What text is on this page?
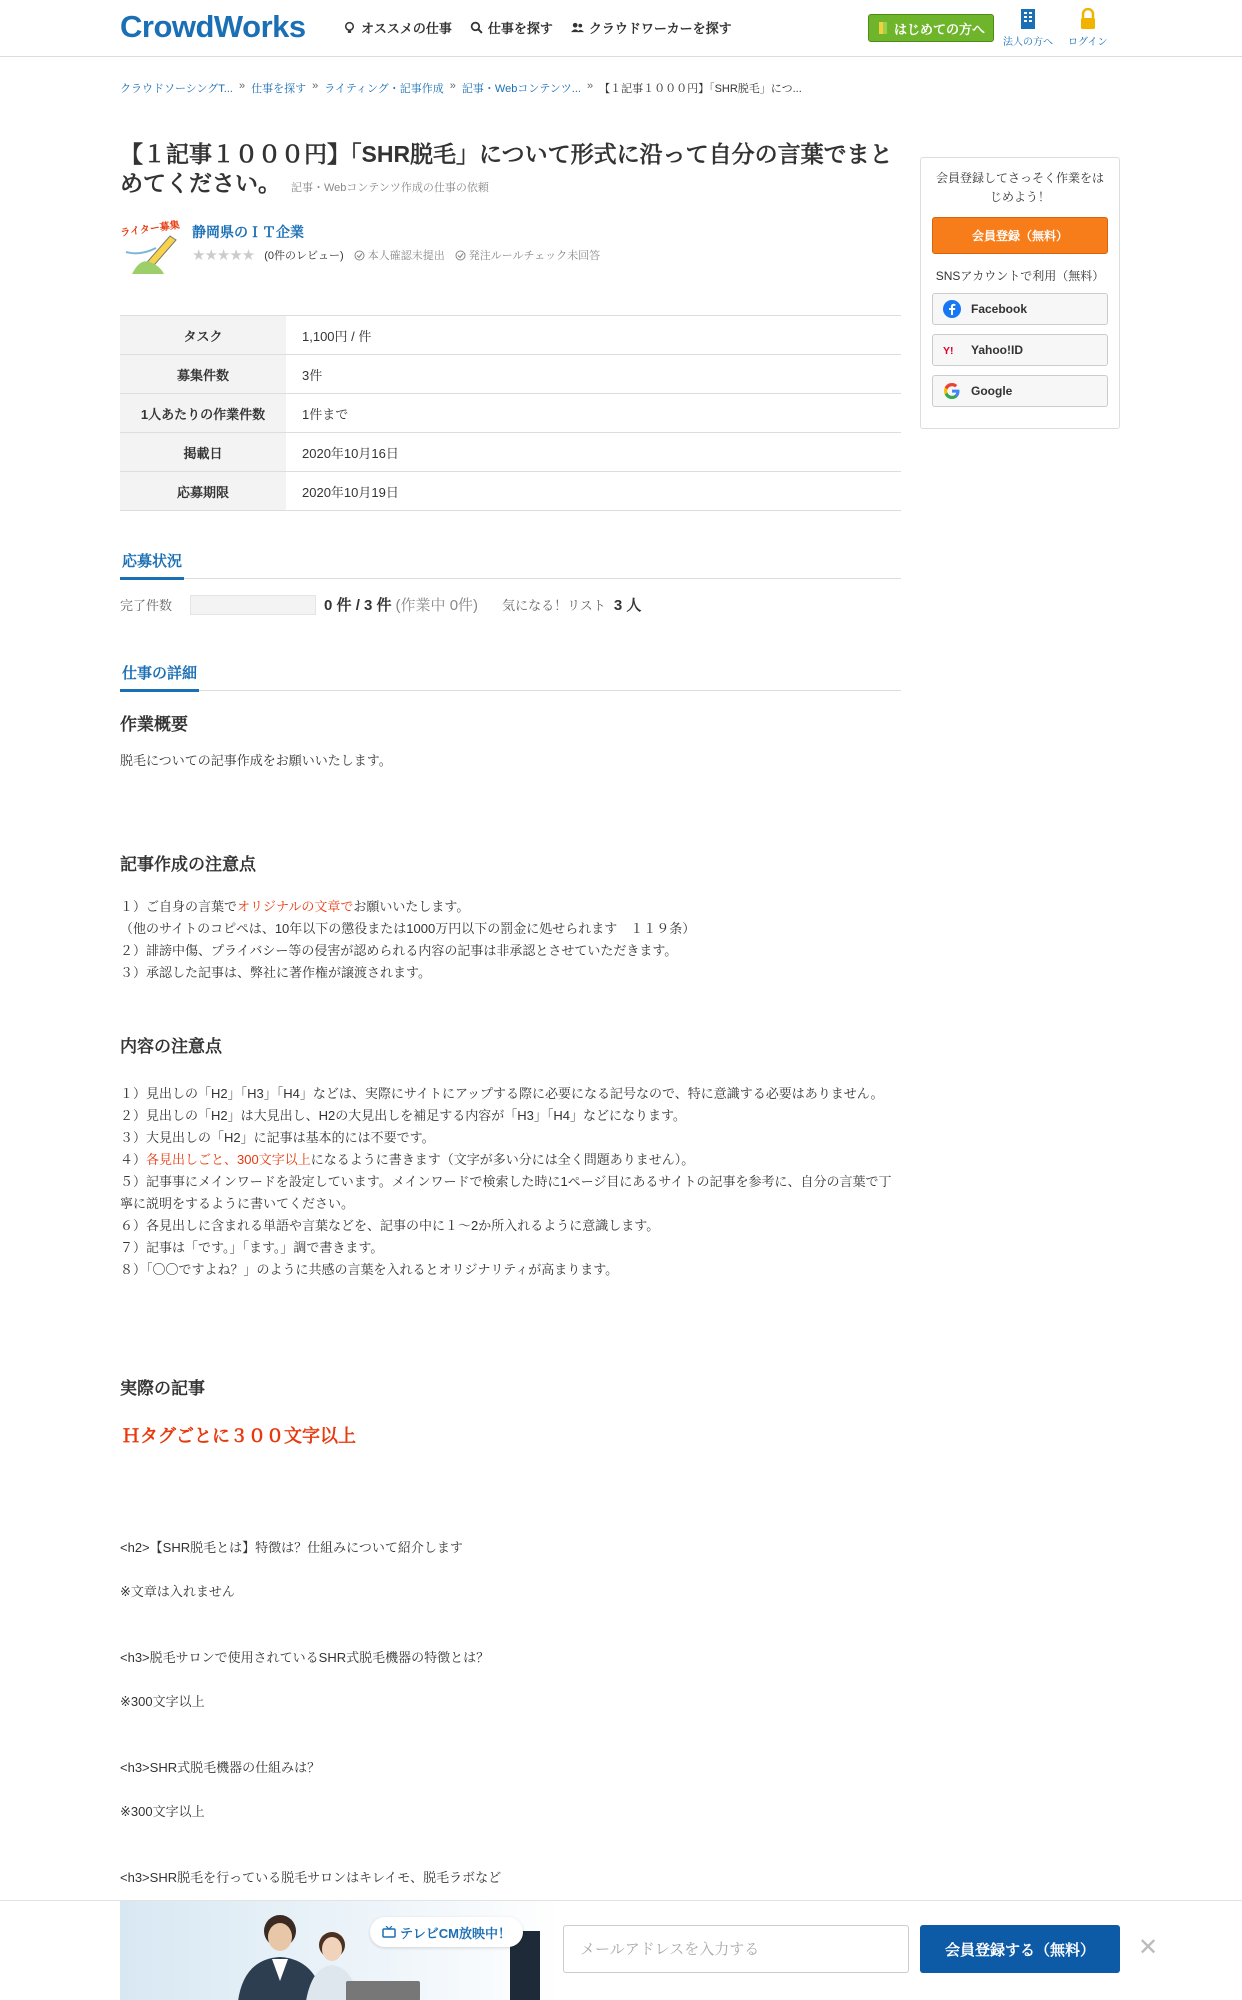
CrowdWorks	オススメの仕事	仕事を探す	クラウドワーカーを探す	はじめての方へ
法人の方へ ログイン
クラウドソーシングT... » 仕事を探す » ライティング・記事作成 » 記事・Webコンテンツ... » 【１記事１０００円】「SHR脱毛」につ...
【１記事１０００円】「SHR脱毛」について形式に沿って自分の言葉でまとめてください。 記事・Webコンテンツ作成の仕事の依頼
ライター募集 静岡県のＩＴ企業
★★★★★ (0件のレビュー) 本人確認未提出 発注ルールチェック未回答
タスク	1,100円 / 件
募集件数	3件
1人あたりの作業件数	1件まで
掲載日	2020年10月16日
応募期限	2020年10月19日
応募状況
完了件数	0 件 / 3 件 (作業中 0件) 気になる！リスト 3 人
仕事の詳細
作業概要
脱毛についての記事作成をお願いいたします。
記事作成の注意点
１）ご自身の言葉でオリジナルの文章でお願いいたします。
（他のサイトのコピペは、10年以下の懲役または1000万円以下の罰金に処せられます　１１９条）
２）誹謗中傷、プライバシー等の侵害が認められる内容の記事は非承認とさせていただきます。
３）承認した記事は、弊社に著作権が譲渡されます。
内容の注意点
１）見出しの「H2」「H3」「H4」などは、実際にサイトにアップする際に必要になる記号なので、特に意識する必要はありません。
２）見出しの「H2」は大見出し、H2の大見出しを補足する内容が「H3」「H4」などになります。
３）大見出しの「H2」に記事は基本的には不要です。
４）各見出しごと、300文字以上になるように書きます（文字が多い分には全く問題ありません）。
５）記事事にメインワードを設定しています。メインワードで検索した時に1ページ目にあるサイトの記事を参考に、自分の言葉で丁寧に説明をするように書いてください。
６）各見出しに含まれる単語や言葉などを、記事の中に１～2か所入れるように意識します。
７）記事は「です。」「ます。」調で書きます。
８）「〇〇ですよね？」のように共感の言葉を入れるとオリジナリティが高まります。
実際の記事
Ｈタグごとに３００文字以上
<h2>【SHR脱毛とは】特徴は？仕組みについて紹介します
※文章は入れません
<h3>脱毛サロンで使用されているSHR式脱毛機器の特徴とは？
※300文字以上
<h3>SHR式脱毛機器の仕組みは？
※300文字以上
<h3>SHR脱毛を行っている脱毛サロンはキレイモ、脱毛ラボなど
会員登録してさっそく作業をはじめよう！
会員登録（無料）
SNSアカウントで利用（無料）
Facebook
Y! Yahoo!ID
Google
テレビCM放映中！
メールアドレスを入力する
会員登録する（無料）	✕
